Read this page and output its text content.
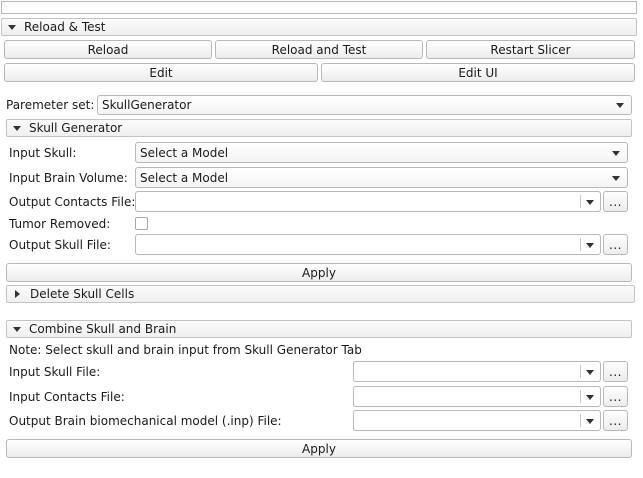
Reload & Test
Reload	Reload and Test	Restart Slicer
Edit	Edit UI
Paremeter set: SkullGenerator
Skull Generator
Input Skull:	Select a Model
Input Brain Volume: Select a Model
Output Contacts File:	...
Tumor Removed:
Output Skull File:	...
Apply
Delete Skull Cells
Combine Skull and Brain
Note: Select skull and brain input from Skull Generator Tab
Input Skull File:	...
Input Contacts File:	...
Output Brain biomechanical model (.inp) File:	...
Apply
